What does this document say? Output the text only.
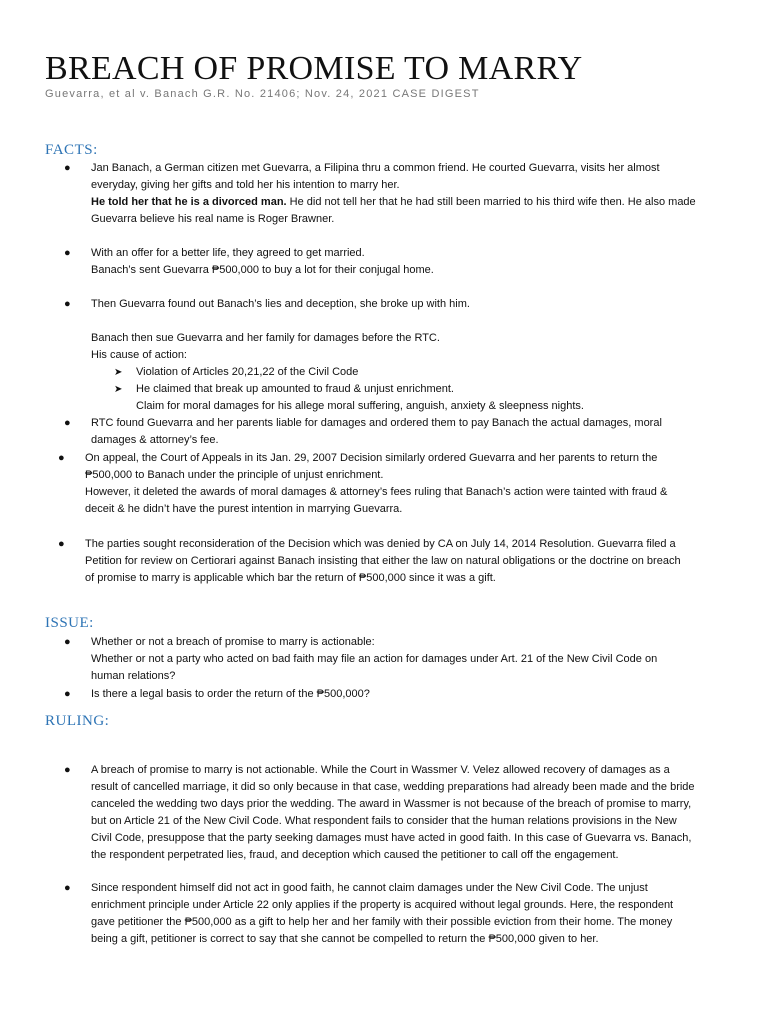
BREACH OF PROMISE TO MARRY
Guevarra, et al v. Banach G.R. No. 21406; Nov. 24, 2021 CASE DIGEST
FACTS:
● Jan Banach, a German citizen met Guevarra, a Filipina thru a common friend. He courted Guevarra, visits her almost

everyday, giving her gifts and told her his intention to marry her.

He told her that he is a divorced man. He did not tell her that he had still been married to his third wife then. He also made

Guevarra believe his real name is Roger Brawner.

● With an offer for a better life, they agreed to get married.

Banach’s sent Guevarra ₱500,000 to buy a lot for their conjugal home.

● Then Guevarra found out Banach’s lies and deception, she broke up with him.

Banach then sue Guevarra and her family for damages before the RTC.

His cause of action:

➤ Violation of Articles 20,21,22 of the Civil Code
➤ He claimed that break up amounted to fraud & unjust enrichment.
Claim for moral damages for his allege moral suffering, anguish, anxiety & sleepness nights.
● RTC found Guevarra and her parents liable for damages and ordered them to pay Banach the actual damages, moral

damages & attorney’s fee.

● On appeal, the Court of Appeals in its Jan. 29, 2007 Decision similarly ordered Guevarra and her parents to return the

₱500,000 to Banach under the principle of unjust enrichment.

However, it deleted the awards of moral damages & attorney’s fees ruling that Banach’s action were tainted with fraud &

deceit & he didn’t have the purest intention in marrying Guevarra.

● The parties sought reconsideration of the Decision which was denied by CA on July 14, 2014 Resolution. Guevarra filed a

Petition for review on Certiorari against Banach insisting that either the law on natural obligations or the doctrine on breach

of promise to marry is applicable which bar the return of ₱500,000 since it was a gift.

ISSUE:
● Whether or not a breach of promise to marry is actionable:

Whether or not a party who acted on bad faith may file an action for damages under Art. 21 of the New Civil Code on

human relations?

● Is there a legal basis to order the return of the ₱500,000?
RULING:
● A breach of promise to marry is not actionable. While the Court in Wassmer V. Velez allowed recovery of damages as a

result of cancelled marriage, it did so only because in that case, wedding preparations had already been made and the bride

canceled the wedding two days prior the wedding. The award in Wassmer is not because of the breach of promise to marry,

but on Article 21 of the New Civil Code. What respondent fails to consider that the human relations provisions in the New

Civil Code, presuppose that the party seeking damages must have acted in good faith. In this case of Guevarra vs. Banach,

the respondent perpetrated lies, fraud, and deception which caused the petitioner to call off the engagement.

● Since respondent himself did not act in good faith, he cannot claim damages under the New Civil Code. The unjust

enrichment principle under Article 22 only applies if the property is acquired without legal grounds. Here, the respondent

gave petitioner the ₱500,000 as a gift to help her and her family with their possible eviction from their home. The money

being a gift, petitioner is correct to say that she cannot be compelled to return the ₱500,000 given to her.
